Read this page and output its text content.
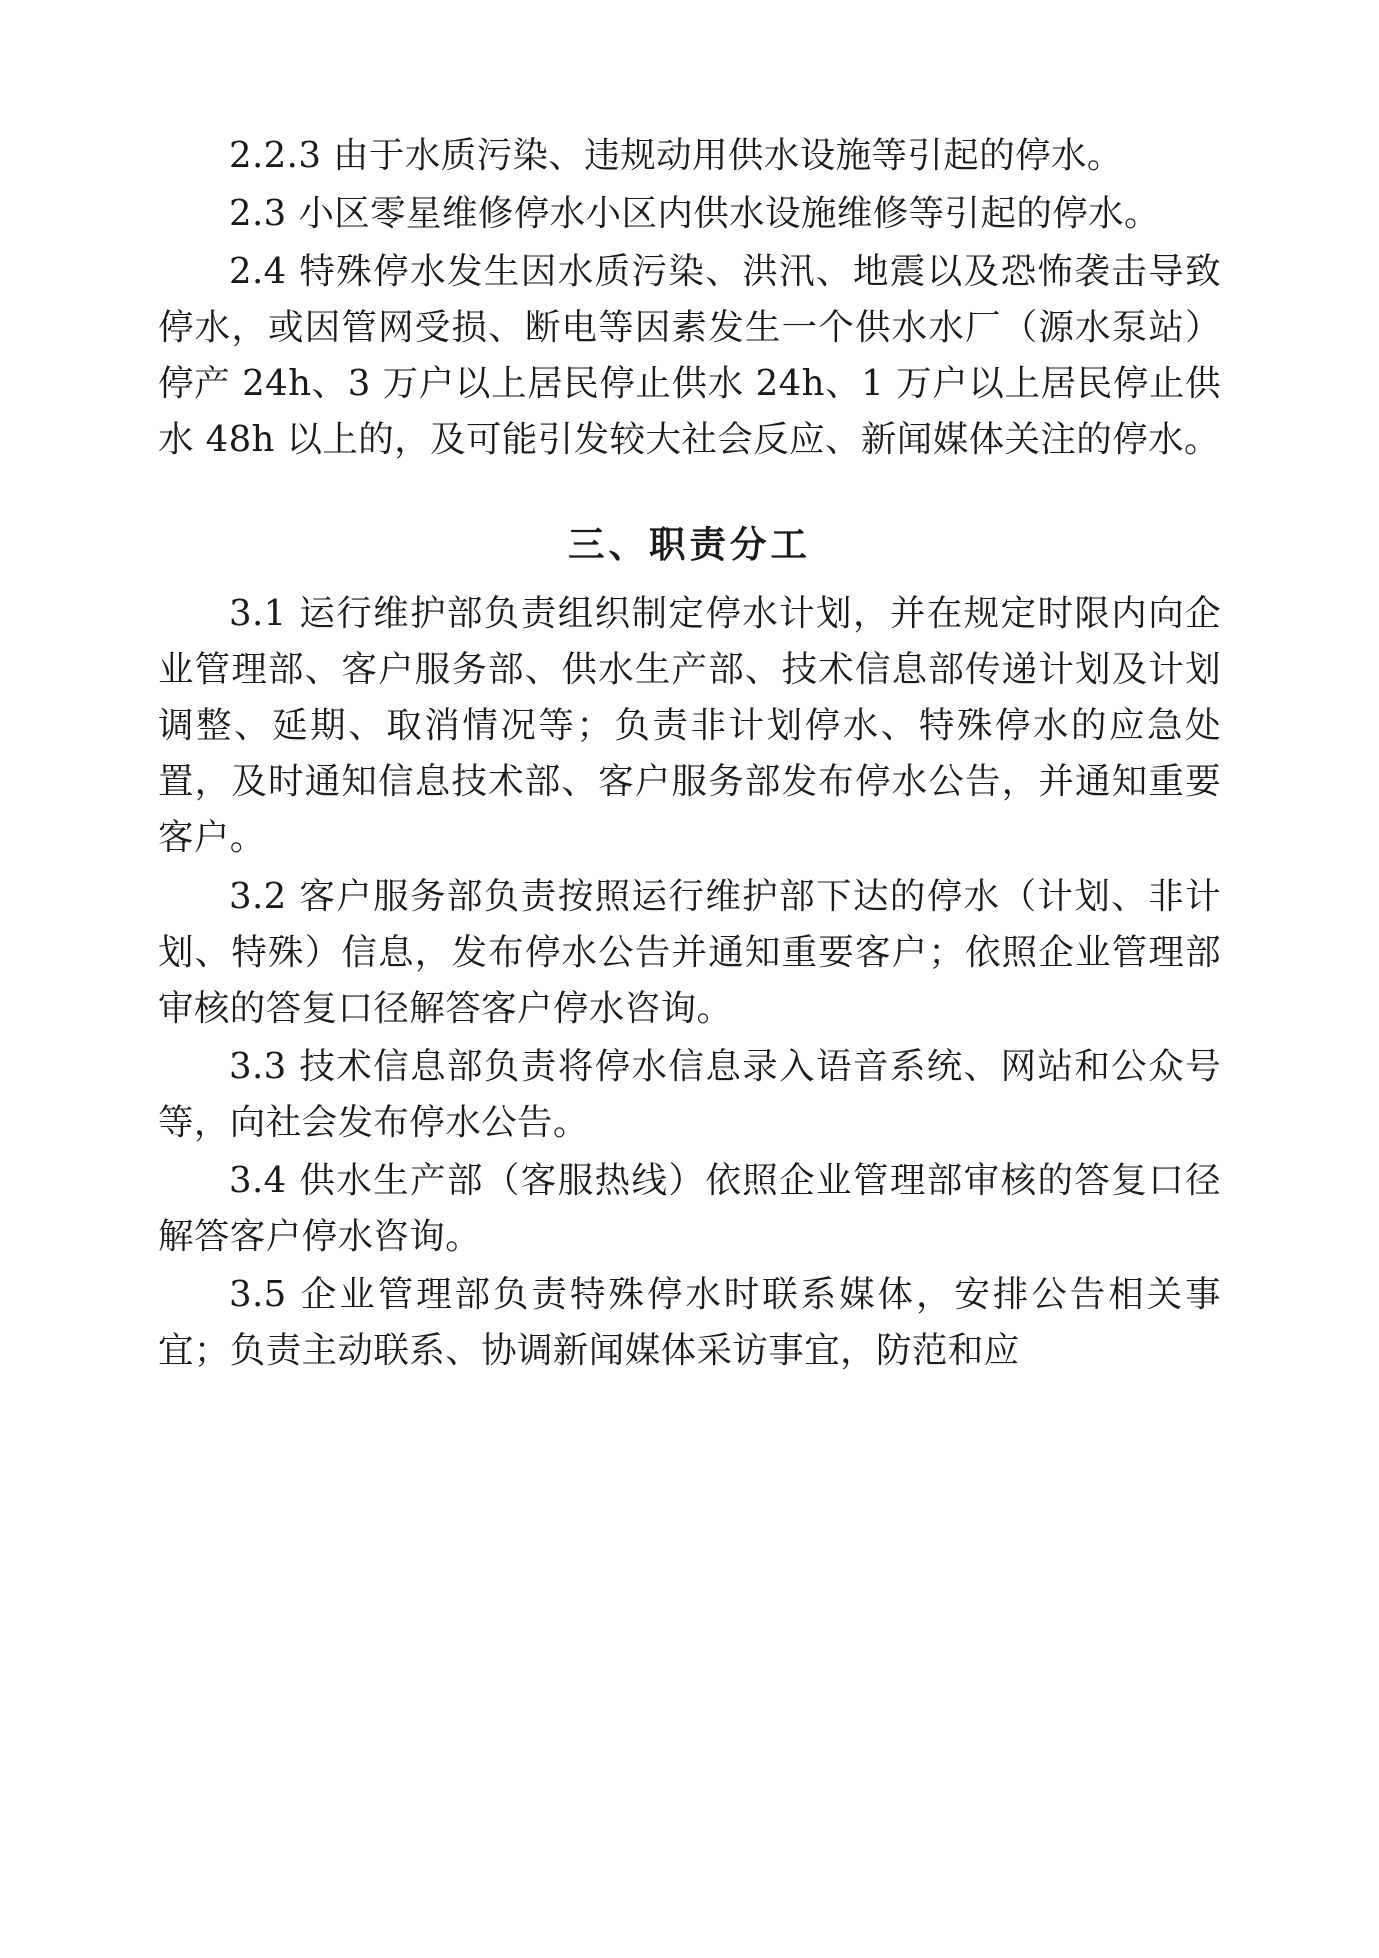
2.2.3 由于水质污染、违规动用供水设施等引起的停水。

2.3 小区零星维修停水小区内供水设施维修等引起的停水。

2.4 特殊停水发生因水质污染、洪汛、地震以及恐怖袭击导致停水，或因管网受损、断电等因素发生一个供水水厂（源水泵站）停产 24h、3 万户以上居民停止供水 24h、1 万户以上居民停止供水 48h 以上的，及可能引发较大社会反应、新闻媒体关注的停水。

三、职责分工

3.1 运行维护部负责组织制定停水计划，并在规定时限内向企业管理部、客户服务部、供水生产部、技术信息部传递计划及计划调整、延期、取消情况等；负责非计划停水、特殊停水的应急处置，及时通知信息技术部、客户服务部发布停水公告，并通知重要客户。

3.2 客户服务部负责按照运行维护部下达的停水（计划、非计划、特殊）信息，发布停水公告并通知重要客户；依照企业管理部审核的答复口径解答客户停水咨询。

3.3 技术信息部负责将停水信息录入语音系统、网站和公众号等，向社会发布停水公告。

3.4 供水生产部（客服热线）依照企业管理部审核的答复口径解答客户停水咨询。

3.5 企业管理部负责特殊停水时联系媒体，安排公告相关事宜；负责主动联系、协调新闻媒体采访事宜，防范和应
